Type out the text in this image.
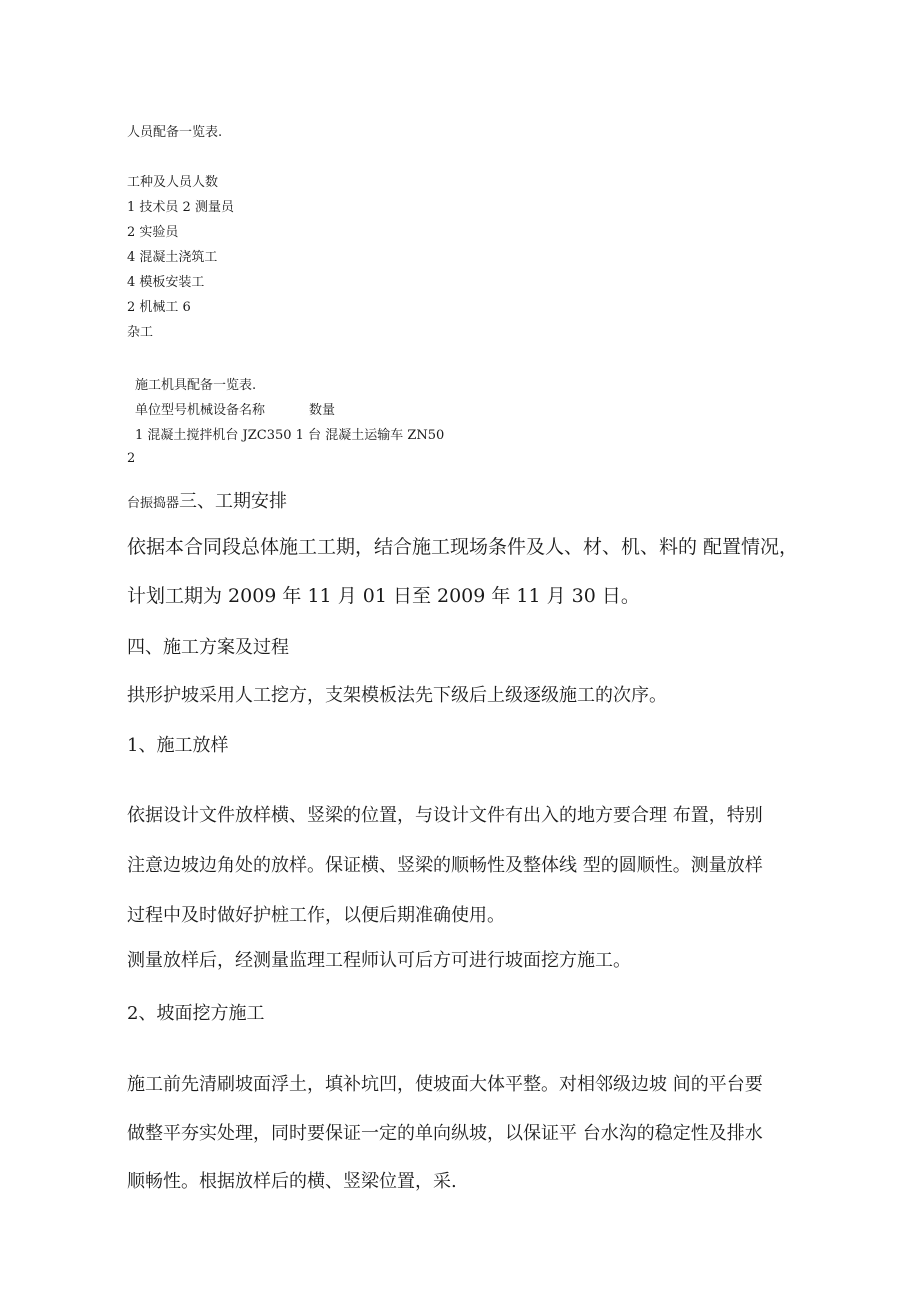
人员配备一览表.
工种及人员人数
1 技术员 2 测量员
2 实验员
4 混凝土浇筑工
4 模板安装工
2 机械工 6
杂工
施工机具配备一览表.
单位型号机械设备名称	数量
1 混凝土搅拌机台 JZC350 1 台 混凝土运输车 ZN50
2
台振捣器三、工期安排
依据本合同段总体施工工期，结合施工现场条件及人、材、机、料的 配置情况，
计划工期为 2009 年 11 月 01 日至 2009 年 11 月 30 日。
四、施工方案及过程
拱形护坡采用人工挖方，支架模板法先下级后上级逐级施工的次序。
1、施工放样
依据设计文件放样横、竖梁的位置，与设计文件有出入的地方要合理 布置，特别
注意边坡边角处的放样。保证横、竖梁的顺畅性及整体线 型的圆顺性。测量放样
过程中及时做好护桩工作，以便后期准确使用。
测量放样后，经测量监理工程师认可后方可进行坡面挖方施工。
2、坡面挖方施工
施工前先清刷坡面浮土，填补坑凹，使坡面大体平整。对相邻级边坡 间的平台要
做整平夯实处理，同时要保证一定的单向纵坡，以保证平 台水沟的稳定性及排水
顺畅性。根据放样后的横、竖梁位置，采.
